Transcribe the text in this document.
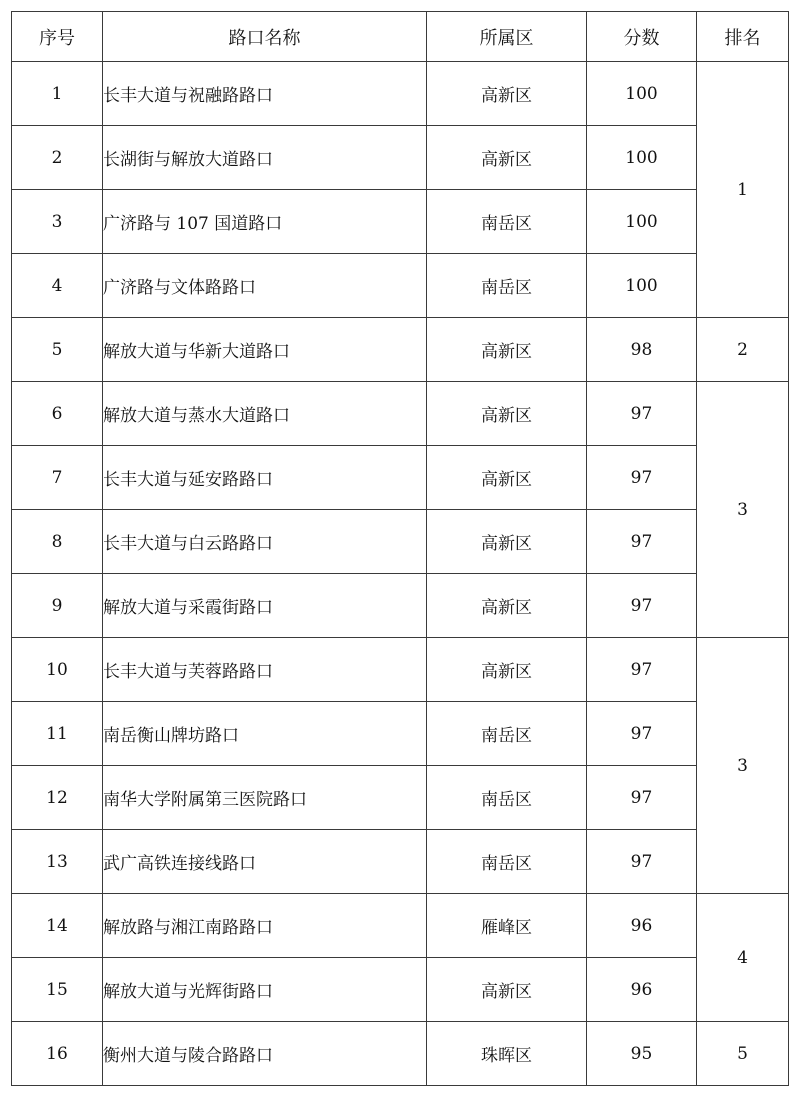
序号	路口名称	所属区	分数	排名
1	长丰大道与祝融路路口	高新区	100	1
2	长湖街与解放大道路口	高新区	100	
3	广济路与 107 国道路口	南岳区	100	
4	广济路与文体路路口	南岳区	100	
5	解放大道与华新大道路口	高新区	98	2
6	解放大道与蒸水大道路口	高新区	97	3
7	长丰大道与延安路路口	高新区	97	
8	长丰大道与白云路路口	高新区	97	
9	解放大道与采霞街路口	高新区	97	
10	长丰大道与芙蓉路路口	高新区	97	3
11	南岳衡山牌坊路口	南岳区	97	
12	南华大学附属第三医院路口	南岳区	97	
13	武广高铁连接线路口	南岳区	97	
14	解放路与湘江南路路口	雁峰区	96	4
15	解放大道与光辉街路口	高新区	96	
16	衡州大道与陵合路路口	珠晖区	95	5
